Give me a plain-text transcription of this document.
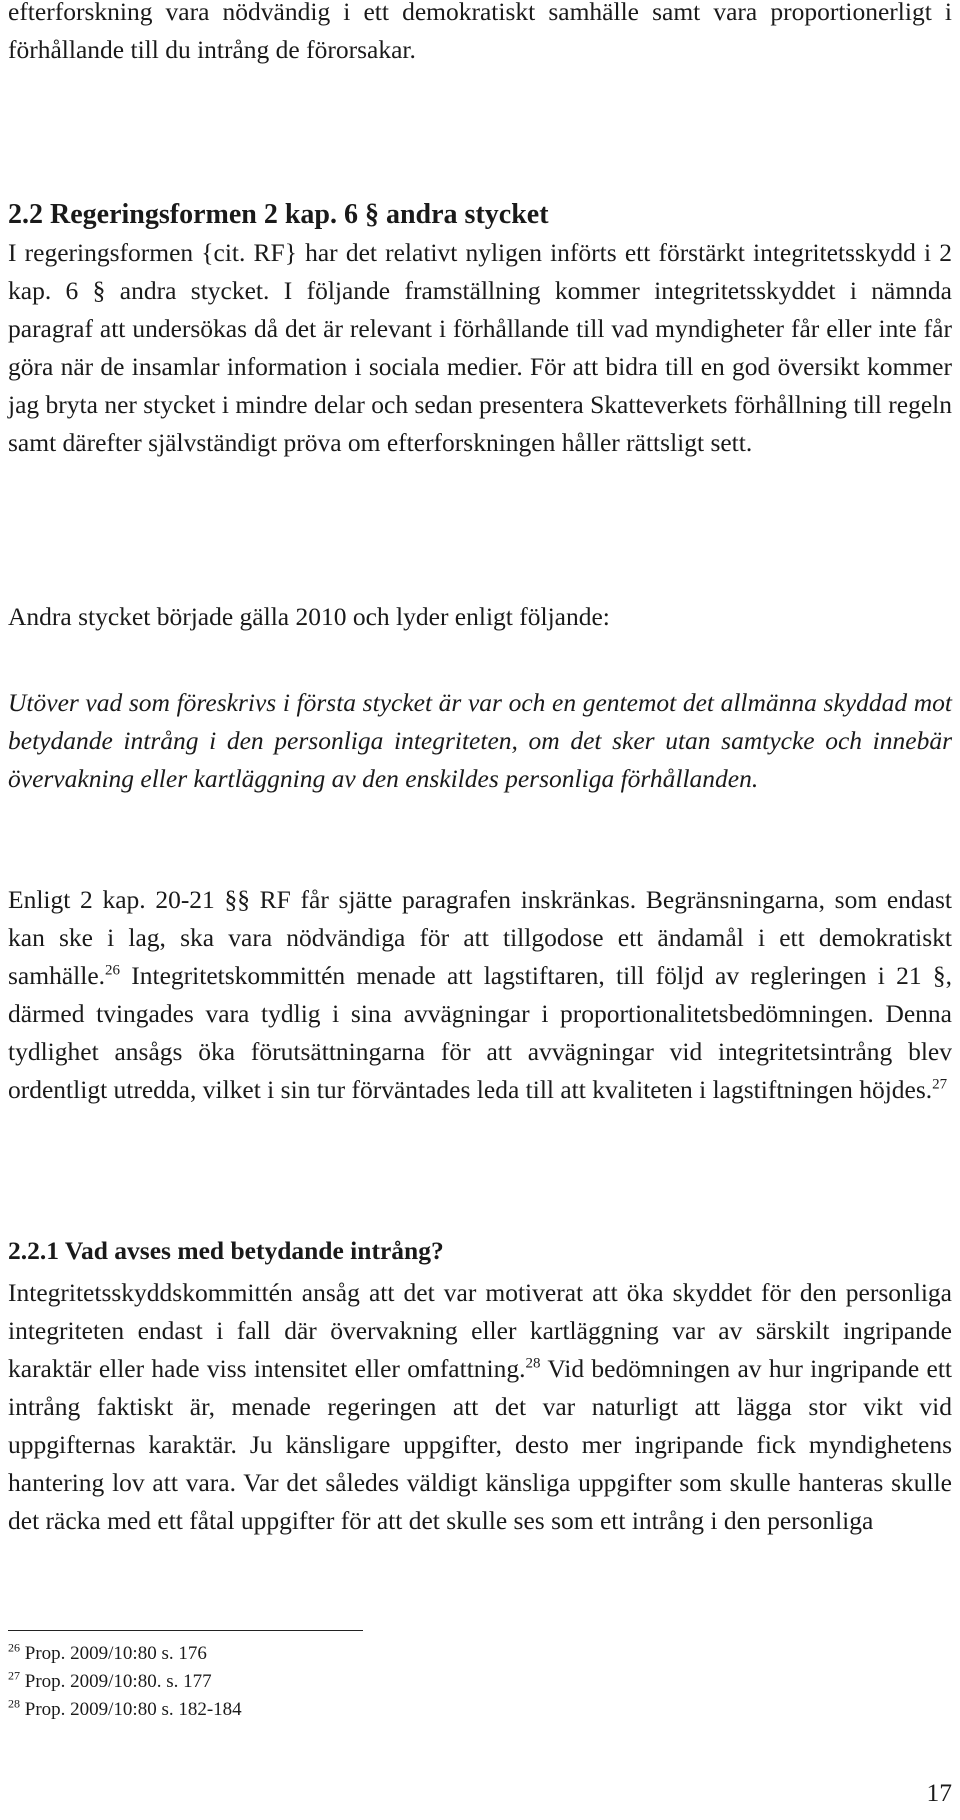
efterforskning vara nödvändig i ett demokratiskt samhälle samt vara proportionerligt i förhållande till du intrång de förorsakar.

2.2 Regeringsformen 2 kap. 6 § andra stycket

I regeringsformen {cit. RF} har det relativt nyligen införts ett förstärkt integritetsskydd i 2 kap. 6 § andra stycket. I följande framställning kommer integritetsskyddet i nämnda paragraf att undersökas då det är relevant i förhållande till vad myndigheter får eller inte får göra när de insamlar information i sociala medier. För att bidra till en god översikt kommer jag bryta ner stycket i mindre delar och sedan presentera Skatteverkets förhållning till regeln samt därefter självständigt pröva om efterforskningen håller rättsligt sett.

Andra stycket började gälla 2010 och lyder enligt följande:

Utöver vad som föreskrivs i första stycket är var och en gentemot det allmänna skyddad mot betydande intrång i den personliga integriteten, om det sker utan samtycke och innebär övervakning eller kartläggning av den enskildes personliga förhållanden.

Enligt 2 kap. 20-21 §§ RF får sjätte paragrafen inskränkas. Begränsningarna, som endast kan ske i lag, ska vara nödvändiga för att tillgodose ett ändamål i ett demokratiskt samhälle.$^{26}$ Integritetskommittén menade att lagstiftaren, till följd av regleringen i 21 §, därmed tvingades vara tydlig i sina avvägningar i proportionalitetsbedömningen. Denna tydlighet ansågs öka förutsättningarna för att avvägningar vid integritetsintrång blev ordentligt utredda, vilket i sin tur förväntades leda till att kvaliteten i lagstiftningen höjdes.$^{27}$

2.2.1 Vad avses med betydande intrång?

Integritetsskyddskommittén ansåg att det var motiverat att öka skyddet för den personliga integriteten endast i fall där övervakning eller kartläggning var av särskilt ingripande karaktär eller hade viss intensitet eller omfattning.$^{28}$ Vid bedömningen av hur ingripande ett intrång faktiskt är, menade regeringen att det var naturligt att lägga stor vikt vid uppgifternas karaktär. Ju känsligare uppgifter, desto mer ingripande fick myndighetens hantering lov att vara. Var det således väldigt känsliga uppgifter som skulle hanteras skulle det räcka med ett fåtal uppgifter för att det skulle ses som ett intrång i den personliga

$^{26}$ Prop. 2009/10:80 s. 176
$^{27}$ Prop. 2009/10:80. s. 177
$^{28}$ Prop. 2009/10:80 s. 182-184
17
